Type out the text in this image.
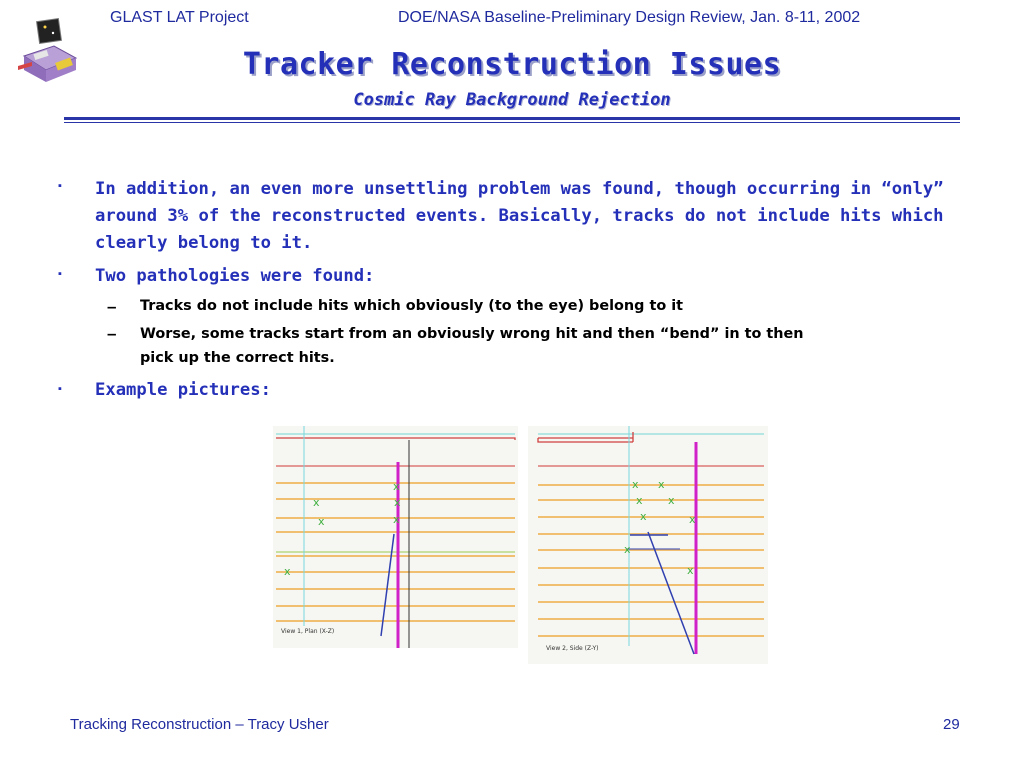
GLAST LAT Project	DOE/NASA Baseline-Preliminary Design Review, Jan. 8-11, 2002
Tracker Reconstruction Issues
Cosmic Ray Background Rejection
▪ In addition, an even more unsettling problem was found, though occurring in “only” around 3% of the reconstructed events. Basically, tracks do not include hits which clearly belong to it.
▪ Two pathologies were found:
– Tracks do not include hits which obviously (to the eye) belong to it
– Worse, some tracks start from an obviously wrong hit and then “bend” in to then pick up the correct hits.
▪ Example pictures:
x
x
x
x
x
x
View 1, Plan (X-Z)
x x
x x
x
x
x
x
View 2, Side (Z-Y)
Tracking Reconstruction – Tracy Usher	29
